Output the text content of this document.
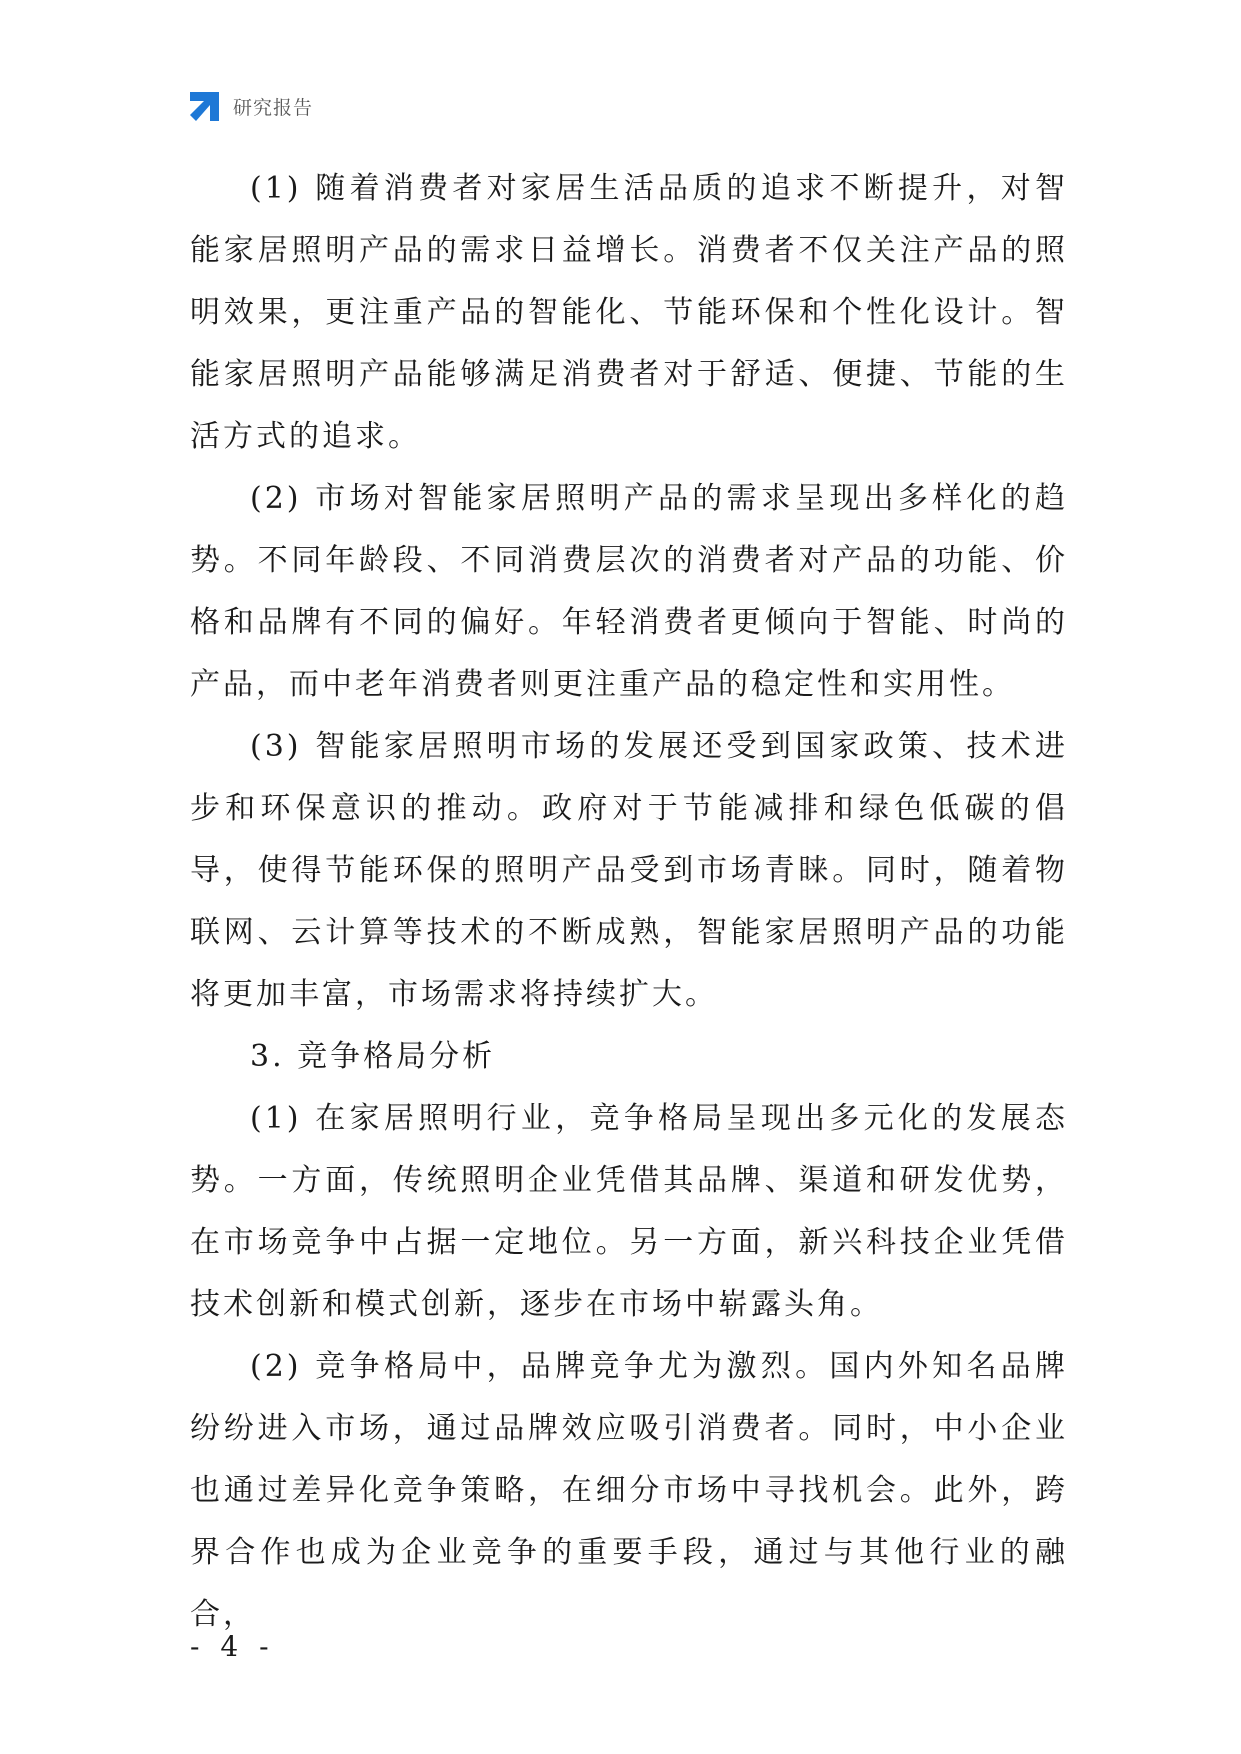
研究报告

(1) 随着消费者对家居生活品质的追求不断提升，对智能家居照明产品的需求日益增长。消费者不仅关注产品的照明效果，更注重产品的智能化、节能环保和个性化设计。智能家居照明产品能够满足消费者对于舒适、便捷、节能的生活方式的追求。

(2) 市场对智能家居照明产品的需求呈现出多样化的趋势。不同年龄段、不同消费层次的消费者对产品的功能、价格和品牌有不同的偏好。年轻消费者更倾向于智能、时尚的产品，而中老年消费者则更注重产品的稳定性和实用性。

(3) 智能家居照明市场的发展还受到国家政策、技术进步和环保意识的推动。政府对于节能减排和绿色低碳的倡导，使得节能环保的照明产品受到市场青睐。同时，随着物联网、云计算等技术的不断成熟，智能家居照明产品的功能将更加丰富，市场需求将持续扩大。

3. 竞争格局分析

(1) 在家居照明行业，竞争格局呈现出多元化的发展态势。一方面，传统照明企业凭借其品牌、渠道和研发优势，在市场竞争中占据一定地位。另一方面，新兴科技企业凭借技术创新和模式创新，逐步在市场中崭露头角。

(2) 竞争格局中，品牌竞争尤为激烈。国内外知名品牌纷纷进入市场，通过品牌效应吸引消费者。同时，中小企业也通过差异化竞争策略，在细分市场中寻找机会。此外，跨界合作也成为企业竞争的重要手段，通过与其他行业的融合，

- 4 -
